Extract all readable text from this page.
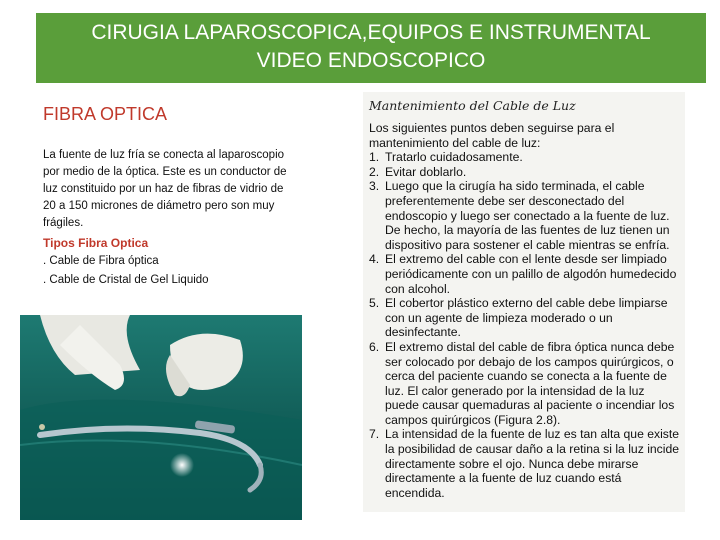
CIRUGIA LAPAROSCOPICA,EQUIPOS E INSTRUMENTAL
VIDEO ENDOSCOPICO
FIBRA OPTICA

La fuente de luz fría se conecta al laparoscopio por medio de la óptica. Este es un conductor de luz constituido por un haz de fibras de vidrio de 20 a 150 micrones de diámetro pero son muy frágiles.

Tipos Fibra Optica
. Cable de Fibra óptica
. Cable de Cristal de Gel Liquido
Mantenimiento del Cable de Luz
Los siguientes puntos deben seguirse para el mantenimiento del cable de luz:
1. Tratarlo cuidadosamente.
2. Evitar doblarlo.
3. Luego que la cirugía ha sido terminada, el cable preferentemente debe ser desconectado del endoscopio y luego ser conectado a la fuente de luz. De hecho, la mayoría de las fuentes de luz tienen un dispositivo para sostener el cable mientras se enfría.
4. El extremo del cable con el lente desde ser limpiado periódicamente con un palillo de algodón humedecido con alcohol.
5. El cobertor plástico externo del cable debe limpiarse con un agente de limpieza moderado o un desinfectante.
6. El extremo distal del cable de fibra óptica nunca debe ser colocado por debajo de los campos quirúrgicos, o cerca del paciente cuando se conecta a la fuente de luz. El calor generado por la intensidad de la luz puede causar quemaduras al paciente o incendiar los campos quirúrgicos (Figura 2.8).
7. La intensidad de la fuente de luz es tan alta que existe la posibilidad de causar daño a la retina si la luz incide directamente sobre el ojo. Nunca debe mirarse directamente a la fuente de luz cuando está encendida.
